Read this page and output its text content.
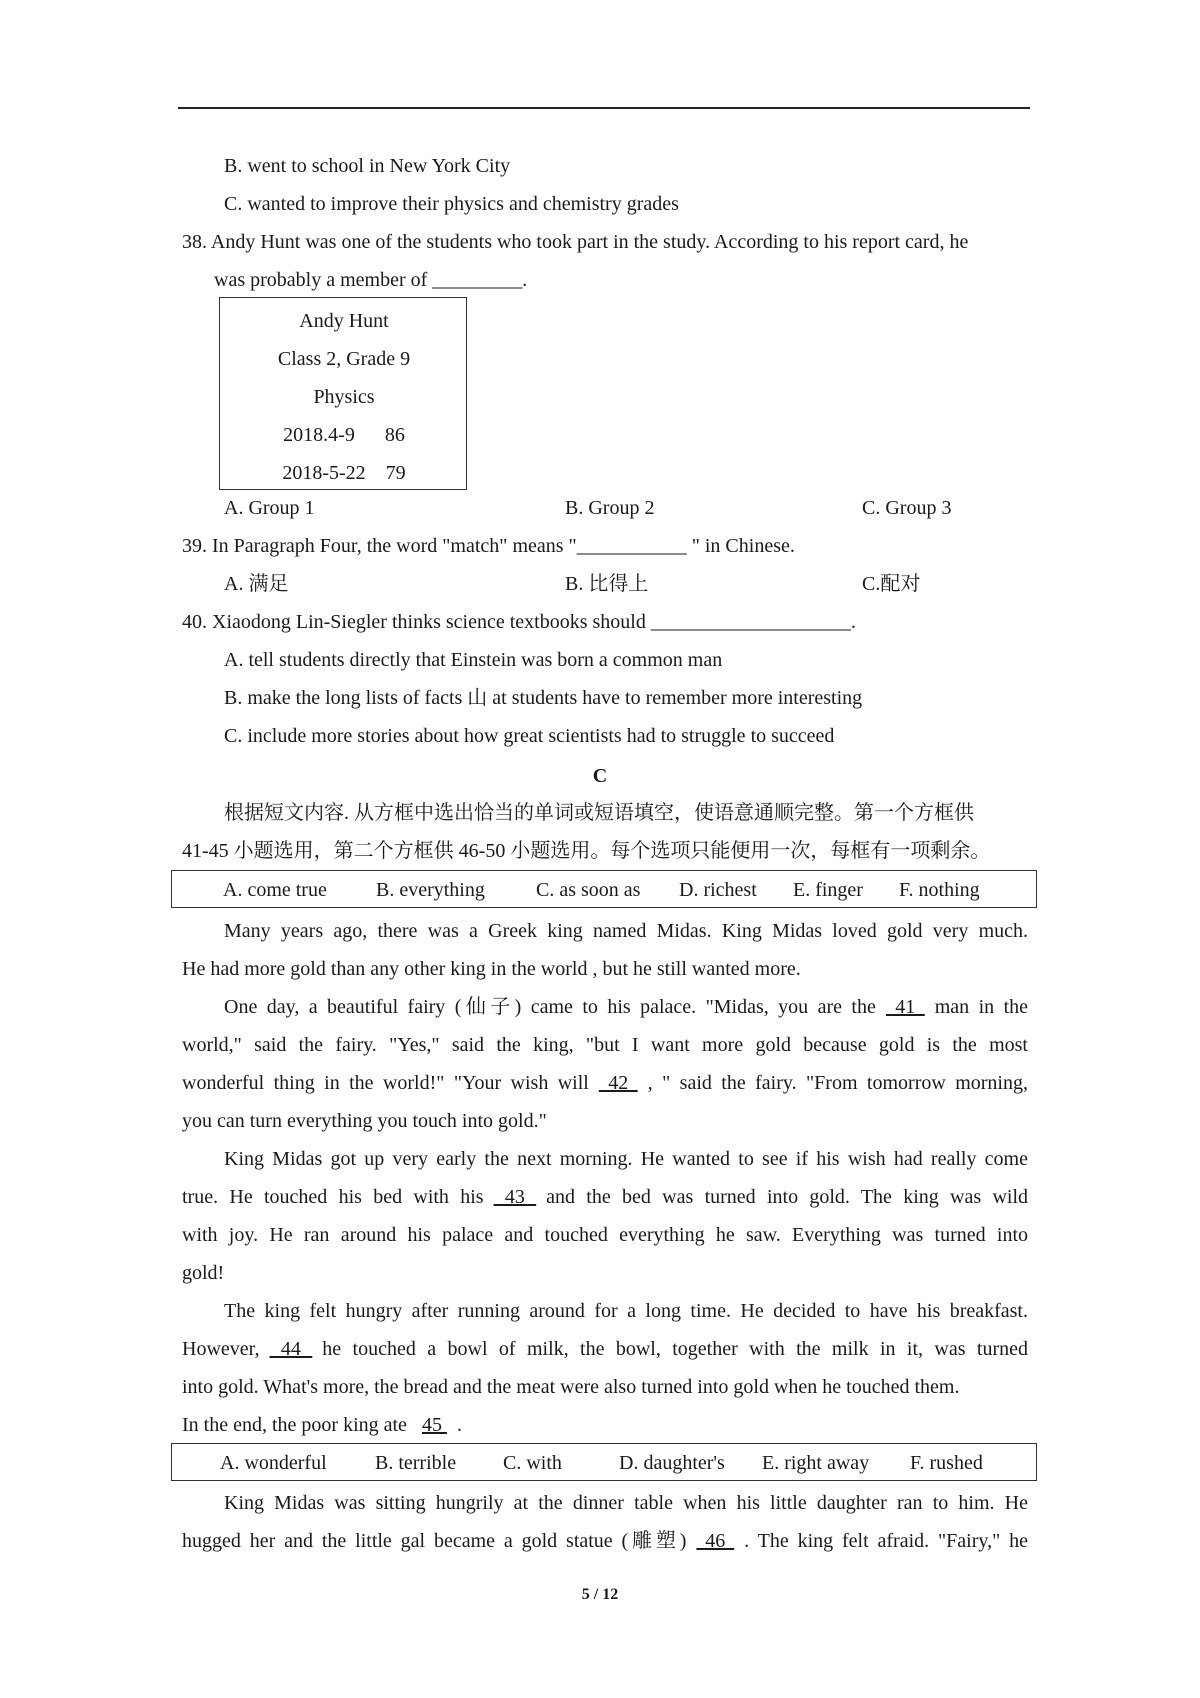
B. went to school in New York City
C. wanted to improve their physics and chemistry grades
38. Andy Hunt was one of the students who took part in the study. According to his report card, he
was probably a member of _________.
Andy Hunt
Class 2, Grade 9
Physics
2018.4-9      86
2018-5-22    79
A. Group 1	B. Group 2	C. Group 3
39. In Paragraph Four, the word "match" means "___________ " in Chinese.
A. 满足	B. 比得上	C.配对
40. Xiaodong Lin-Siegler thinks science textbooks should ____________________.
A. tell students directly that Einstein was born a common man
B. make the long lists of facts 山 at students have to remember more interesting
C. include more stories about how great scientists had to struggle to succeed
C
根据短文内容. 从方框中选出恰当的单词或短语填空，使语意通顺完整。第一个方框供
41-45 小题选用，第二个方框供 46-50 小题选用。每个选项只能便用一次，每框有一项剩余。
A. come true B. everything	C. as soon as D. richest E. finger F. nothing
Many years ago, there was a Greek king named Midas. King Midas loved gold very much.
He had more gold than any other king in the world , but he still wanted more.
One day, a beautiful fairy (仙子) came to his palace. "Midas, you are the 41 man in the
world," said the fairy. "Yes," said the king, "but I want more gold because gold is the most
wonderful thing in the world!" "Your wish will 42 , " said the fairy. "From tomorrow morning,
you can turn everything you touch into gold."
King Midas got up very early the next morning. He wanted to see if his wish had really come
true. He touched his bed with his 43 and the bed was turned into gold. The king was wild
with joy. He ran around his palace and touched everything he saw. Everything was turned into
gold!
The king felt hungry after running around for a long time. He decided to have his breakfast.
However, 44 he touched a bowl of milk, the bowl, together with the milk in it, was turned
into gold. What's more, the bread and the meat were also turned into gold when he touched them.
In the end, the poor king ate 45 .
A. wonderful B. terrible C. with	D. daughter's E. right away F. rushed
King Midas was sitting hungrily at the dinner table when his little daughter ran to him. He
hugged her and the little gal became a gold statue (雕塑) 46 . The king felt afraid. "Fairy," he
5 / 12
